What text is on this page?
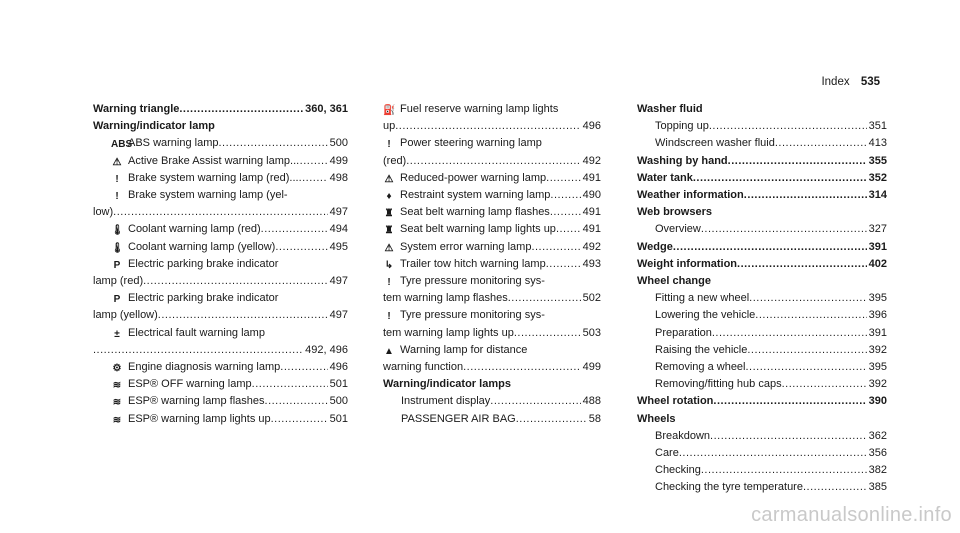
Index 535
Warning triangle .....	360, 361
Warning/indicator lamp
ABSABS warning lamp .....	500
⚠ Active Brake Assist warning lamp.. .....	499
! Brake system warning lamp (red)... .....	498
! Brake system warning lamp (yel-
low) .....	497
🌡 Coolant warning lamp (red) .....	494
🌡 Coolant warning lamp (yellow) .....	495
P Electric parking brake indicator
lamp (red) .....	497
P Electric parking brake indicator
lamp (yellow) .....	497
± Electrical fault warning lamp
.....
492, 496
⚙ Engine diagnosis warning lamp .....	496
≋ ESP® OFF warning lamp .....	501
≋ ESP® warning lamp flashes .....	500
≋ ESP® warning lamp lights up .....	501
⛽ Fuel reserve warning lamp lights
up .....	496
! Power steering warning lamp
(red) .....	492
⚠ Reduced-power warning lamp .....	491
♦ Restraint system warning lamp .....	490
♜ Seat belt warning lamp flashes .....	491
♜ Seat belt warning lamp lights up ..... 491
⚠ System error warning lamp .....	492
↳ Trailer tow hitch warning lamp .....	493
! Tyre pressure monitoring sys-
tem warning lamp flashes .....	502
! Tyre pressure monitoring sys-
tem warning lamp lights up .....	503
▲ Warning lamp for distance
warning function .....	499
Warning/indicator lamps
Instrument display .....	488
PASSENGER AIR BAG .....	58
Washer fluid
Topping up .....	351
Windscreen washer fluid .....	413
Washing by hand .....	355
Water tank .....	352
Weather information .....	314
Web browsers
Overview .....	327
Wedge .....	391
Weight information .....	402
Wheel change
Fitting a new wheel .....	395
Lowering the vehicle .....	396
Preparation .....	391
Raising the vehicle .....	392
Removing a wheel .....	395
Removing/fitting hub caps .....	392
Wheel rotation .....	390
Wheels
Breakdown .....	362
Care .....	356
Checking .....	382
Checking the tyre temperature .....	385
carmanualsonline.info
